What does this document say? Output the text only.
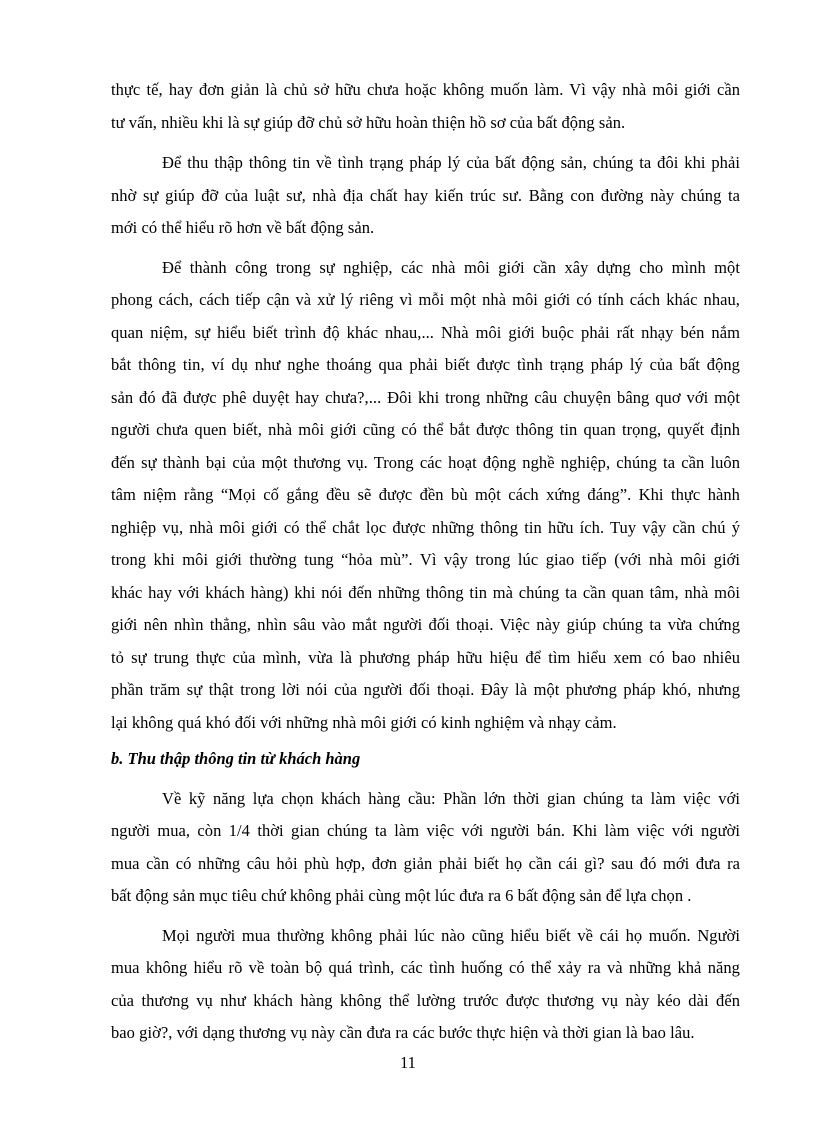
thực tế, hay đơn giản là chủ sở hữu chưa hoặc không muốn làm. Vì vậy nhà môi giới cần
tư vấn, nhiều khi là sự giúp đỡ chủ sở hữu hoàn thiện hồ sơ của bất động sản.
Để thu thập thông tin về tình trạng pháp lý của bất động sản, chúng ta đôi khi phải
nhờ sự giúp đỡ của luật sư, nhà địa chất hay kiến trúc sư. Bằng con đường này chúng ta
mới có thể hiểu rõ hơn về bất động sản.
Để thành công trong sự nghiệp, các nhà môi giới cần xây dựng cho mình một
phong cách, cách tiếp cận và xử lý riêng vì mỗi một nhà môi giới có tính cách khác nhau,
quan niệm, sự hiểu biết trình độ khác nhau,... Nhà môi giới buộc phải rất nhạy bén nắm
bắt thông tin, ví dụ như nghe thoáng qua phải biết được tình trạng pháp lý của bất động
sản đó đã được phê duyệt hay chưa?,... Đôi khi trong những câu chuyện bâng quơ với một
người chưa quen biết, nhà môi giới cũng có thể bắt được thông tin quan trọng, quyết định
đến sự thành bại của một thương vụ. Trong các hoạt động nghề nghiệp, chúng ta cần luôn
tâm niệm rằng “Mọi cố gắng đều sẽ được đền bù một cách xứng đáng”. Khi thực hành
nghiệp vụ, nhà môi giới có thể chắt lọc được những thông tin hữu ích. Tuy vậy cần chú ý
trong khi môi giới thường tung “hỏa mù”. Vì vậy trong lúc giao tiếp (với nhà môi giới
khác hay với khách hàng) khi nói đến những thông tin mà chúng ta cần quan tâm, nhà môi
giới nên nhìn thẳng, nhìn sâu vào mắt người đối thoại. Việc này giúp chúng ta vừa chứng
tỏ sự trung thực của mình, vừa là phương pháp hữu hiệu để tìm hiểu xem có bao nhiêu
phần trăm sự thật trong lời nói của người đối thoại. Đây là một phương pháp khó, nhưng
lại không quá khó đối với những nhà môi giới có kinh nghiệm và nhạy cảm.
b. Thu thập thông tin từ khách hàng
Về kỹ năng lựa chọn khách hàng cầu: Phần lớn thời gian chúng ta làm việc với
người mua, còn 1/4 thời gian chúng ta làm việc với người bán. Khi làm việc với người
mua cần có những câu hỏi phù hợp, đơn giản phải biết họ cần cái gì? sau đó mới đưa ra
bất động sản mục tiêu chứ không phải cùng một lúc đưa ra 6 bất động sản để lựa chọn .
Mọi người mua thường không phải lúc nào cũng hiểu biết về cái họ muốn. Người
mua không hiểu rõ về toàn bộ quá trình, các tình huống có thể xảy ra và những khả năng
của thương vụ như khách hàng không thể lường trước được thương vụ này kéo dài đến
bao giờ?, với dạng thương vụ này cần đưa ra các bước thực hiện và thời gian là bao lâu.
11
